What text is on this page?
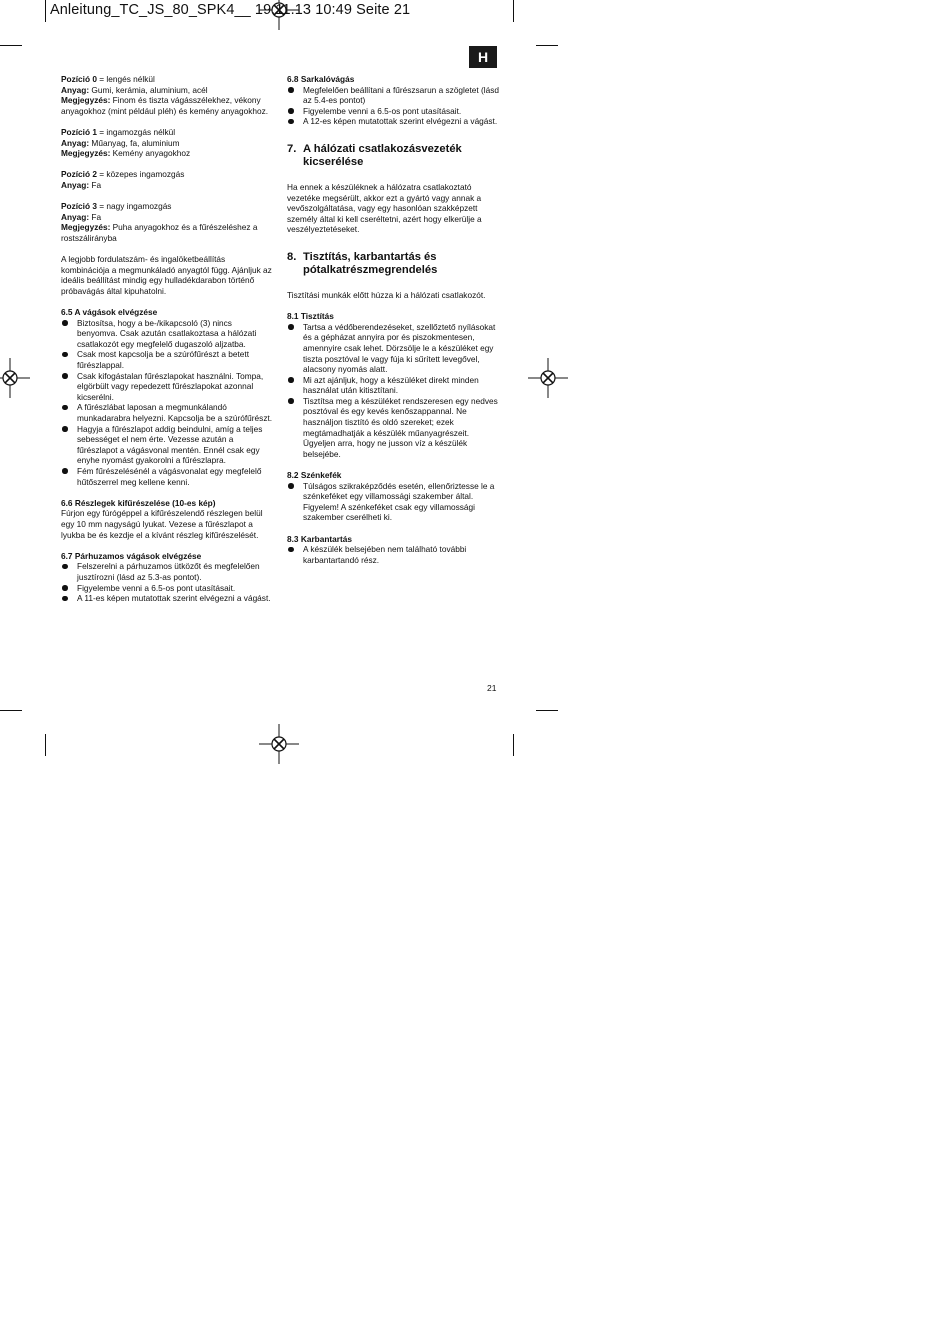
Anleitung_TC_JS_80_SPK4__ 19.11.13 10:49 Seite 21
H

Pozíció 0 = lengés nélkül

Anyag: Gumi, kerámia, aluminium, acél

Megjegyzés: Finom és tiszta vágásszélekhez, vékony anyagokhoz (mint például pléh) és kemény anyagokhoz.

Pozíció 1 = ingamozgás nélkül

Anyag: Műanyag, fa, aluminium

Megjegyzés: Kemény anyagokhoz

Pozíció 2 = közepes ingamozgás

Anyag: Fa

Pozíció 3 = nagy ingamozgás

Anyag: Fa

Megjegyzés: Puha anyagokhoz és a fűrészeléshez a rostszálirányba

A legjobb fordulatszám- és ingalöketbeállítás kombinációja a megmunkáladó anyagtól függ. Ajánljuk az ideális beállítást mindig egy hulladékdarabon történő próbavágás által kipuhatolni.

6.5 A vágások elvégzése

Biztosítsa, hogy a be-/kikapcsoló (3) nincs benyomva. Csak azután csatlakoztasa a hálózati csatlakozót egy megfelelő dugaszoló aljzatba.
Csak most kapcsolja be a szúrófűrészt a betett fűrészlappal.
Csak kifogástalan fűrészlapokat használni. Tompa, elgörbült vagy repedezett fűrészlapokat azonnal kicserélni.
A fűrészlábat laposan a megmunkálandó munkadarabra helyezni. Kapcsolja be a szúrófűrészt.
Hagyja a fűrészlapot addig beindulni, amíg a teljes sebességet el nem érte. Vezesse azután a fűrészlapot a vágásvonal mentén. Ennél csak egy enyhe nyomást gyakorolni a fűrészlapra.
Fém fűrészelésénél a vágásvonalat egy megfelelő hűtőszerrel meg kellene kenni.

6.6 Részlegek kifűrészelése (10-es kép)

Fúrjon egy fúrógéppel a kifűrészelendő részlegen belül egy 10 mm nagyságú lyukat. Vezese a fűrészlapot a lyukba be és kezdje el a kívánt részleg kifűrészelését.

6.7 Párhuzamos vágások elvégzése

Felszerelni a párhuzamos ütközőt és megfelelően jusztírozni (lásd az 5.3-as pontot).
Figyelembe venni a 6.5-os pont utasításait.
A 11-es képen mutatottak szerint elvégezni a vágást.

6.8 Sarkalóvágás

Megfelelően beállítani a fűrészsarun a szögletet (lásd az 5.4-es pontot)
Figyelembe venni a 6.5-os pont utasításait.
A 12-es képen mutatottak szerint elvégezni a vágást.
7. A hálózati csatlakozásvezeték kicserélése

Ha ennek a készüléknek a hálózatra csatlakoztató vezetéke megsérült, akkor ezt a gyártó vagy annak a vevőszolgáltatása, vagy egy hasonlóan szakképzett személy által ki kell cseréltetni, azért hogy elkerülje a veszélyeztetéseket.

8. Tisztítás, karbantartás és pótalkatrészmegrendelés

Tisztítási munkák előtt húzza ki a hálózati csatlakozót.

8.1 Tisztítás

Tartsa a védőberendezéseket, szellőztető nyílásokat és a gépházat annyira por és piszokmentesen, amennyire csak lehet. Dörzsölje le a készüléket egy tiszta posztóval le vagy fúja ki sűrített levegővel, alacsony nyomás alatt.
Mi azt ajánljuk, hogy a készüléket direkt minden használat után kitisztítani.
Tisztítsa meg a készüléket rendszeresen egy nedves posztóval és egy kevés kenőszappannal. Ne használjon tisztító és oldó szereket; ezek megtámadhatják a készülék műanyagrészeit. Ügyeljen arra, hogy ne jusson víz a készülék belsejébe.

8.2 Szénkefék

Túlságos szikraképződés esetén, ellenőriztesse le a szénkeféket egy villamossági szakember által. Figyelem! A szénkeféket csak egy villamossági szakember cserélheti ki.

8.3 Karbantartás

A készülék belsejében nem található további karbantartandó rész.
21
